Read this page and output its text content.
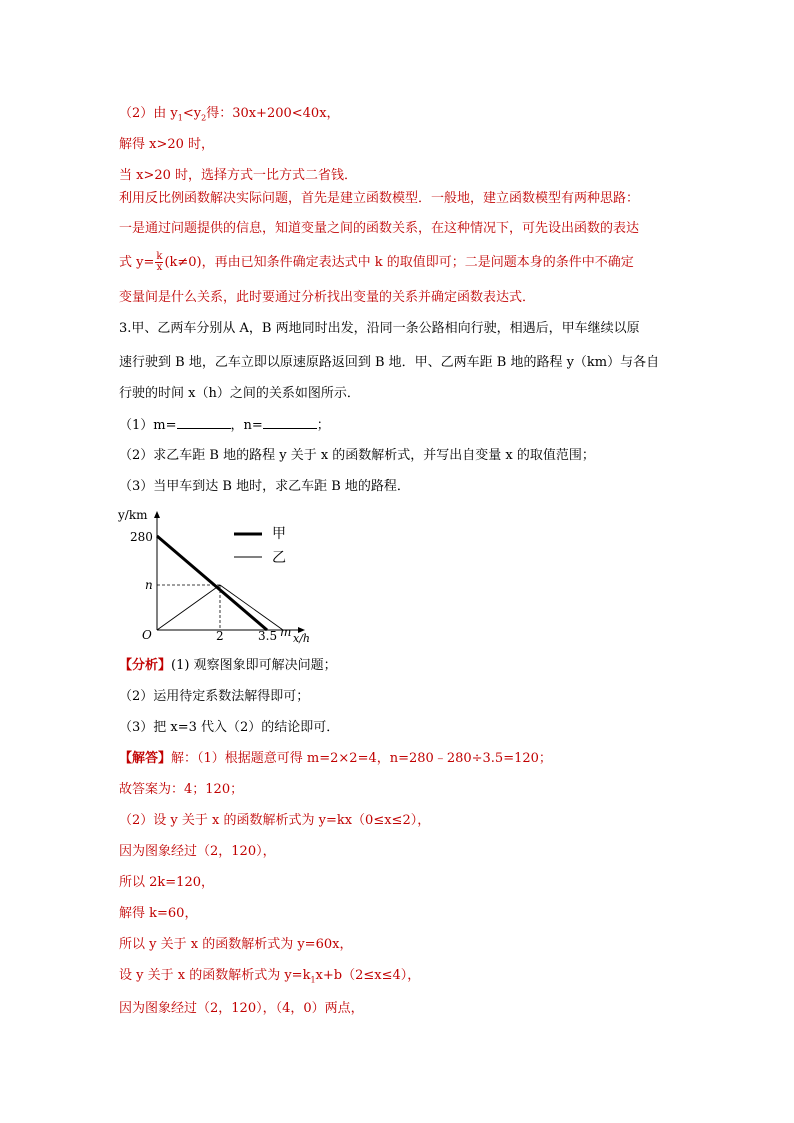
（2）由 $y_1<y_2$得：30x+200<40x，
解得 x>20 时，
当 x>20 时，选择方式一比方式二省钱．
利用反比例函数解决实际问题，首先是建立函数模型．一般地，建立函数模型有两种思路：
一是通过问题提供的信息，知道变量之间的函数关系，在这种情况下，可先设出函数的表达
式 $y= \frac{k}{x} (k\ne 0)$，再由已知条件确定表达式中 k 的取值即可；二是问题本身的条件中不确定
变量间是什么关系，此时要通过分析找出变量的关系并确定函数表达式．
3.甲、乙两车分别从 A，B 两地同时出发，沿同一条公路相向行驶，相遇后，甲车继续以原
速行驶到 B 地，乙车立即以原速原路返回到 B 地．甲、乙两车距 B 地的路程 y（km）与各自
行驶的时间 x（h）之间的关系如图所示．
（1）m=	，n=	；
（2）求乙车距 B 地的路程 y 关于 x 的函数解析式，并写出自变量 x 的取值范围；
（3）当甲车到达 B 地时，求乙车距 B 地的路程．
甲
乙
y/km
280
n
O	2	3.5 m x/h
【分析】(1) 观察图象即可解决问题；
（2）运用待定系数法解得即可；
（3）把 x=3 代入（2）的结论即可．
【解答】解：（1）根据题意可得 m=2×2=4，n=280﹣280÷3.5=120；
故答案为：4；120；
（2）设 y 关于 x 的函数解析式为 y=kx（0≤x≤2），
因为图象经过（2，120），
所以 2k=120，
解得 k=60，
所以 y 关于 x 的函数解析式为 y=60x，
设 y 关于 x 的函数解析式为 $y=k_1x+b(2\le x\le 4)$，
因为图象经过（2，120），（4，0）两点，
